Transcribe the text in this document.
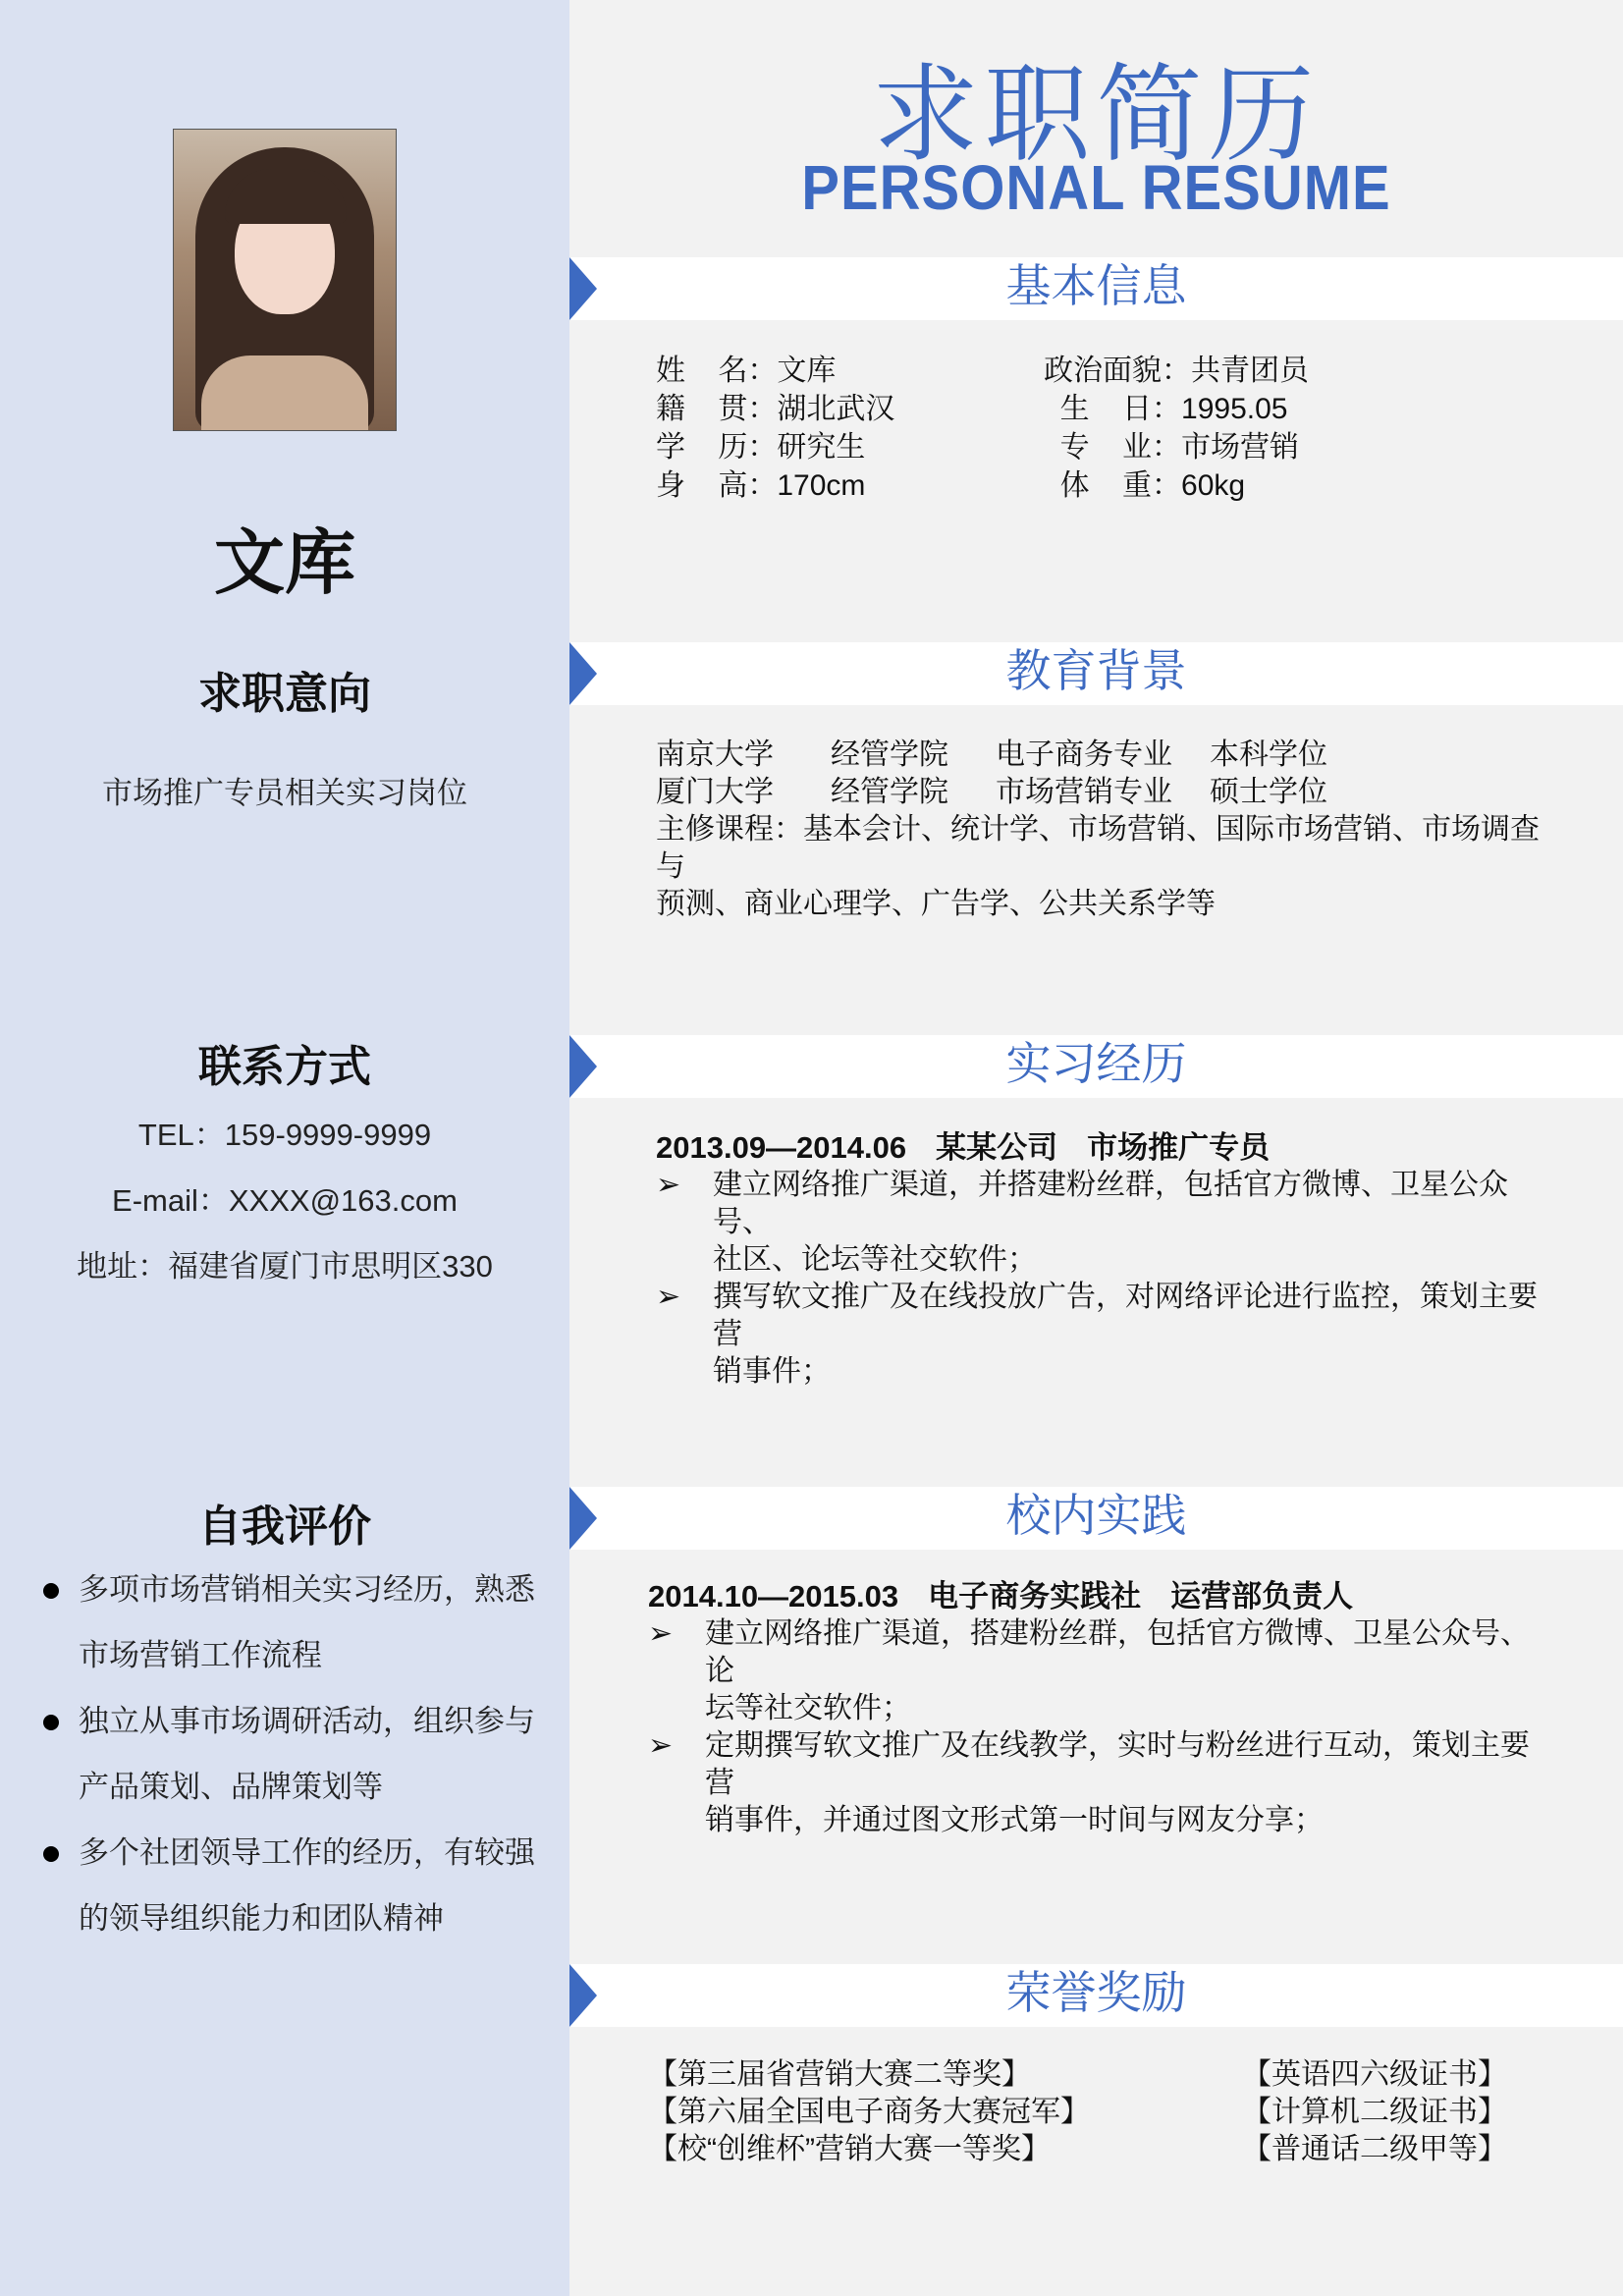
文库
求职意向
市场推广专员相关实习岗位
联系方式
TEL：159-9999-9999
E-mail：XXXX@163.com
地址：福建省厦门市思明区330
自我评价
多项市场营销相关实习经历，熟悉
市场营销工作流程
独立从事市场调研活动，组织参与
产品策划、品牌策划等
多个社团领导工作的经历，有较强
的领导组织能力和团队精神
求职简历
PERSONAL RESUME
基本信息
姓    名：文库
籍    贯：湖北武汉
学    历：研究生
身    高：170cm
政治面貌：共青团员
生    日：1995.05
专    业：市场营销
体    重：60kg
教育背景
南京大学 经管学院 电子商务专业 本科学位
厦门大学 经管学院 市场营销专业 硕士学位
主修课程：基本会计、统计学、市场营销、国际市场营销、市场调查与
预测、商业心理学、广告学、公共关系学等
实习经历
2013.09—2014.06 某某公司 市场推广专员
➢ 建立网络推广渠道，并搭建粉丝群，包括官方微博、卫星公众号、
社区、论坛等社交软件；
➢ 撰写软文推广及在线投放广告，对网络评论进行监控，策划主要营
销事件；
校内实践
2014.10—2015.03 电子商务实践社 运营部负责人
➢ 建立网络推广渠道，搭建粉丝群，包括官方微博、卫星公众号、论
坛等社交软件；
➢ 定期撰写软文推广及在线教学，实时与粉丝进行互动，策划主要营
销事件，并通过图文形式第一时间与网友分享；
荣誉奖励
【第三届省营销大赛二等奖】
【第六届全国电子商务大赛冠军】
【校“创维杯”营销大赛一等奖】
【英语四六级证书】
【计算机二级证书】
【普通话二级甲等】
